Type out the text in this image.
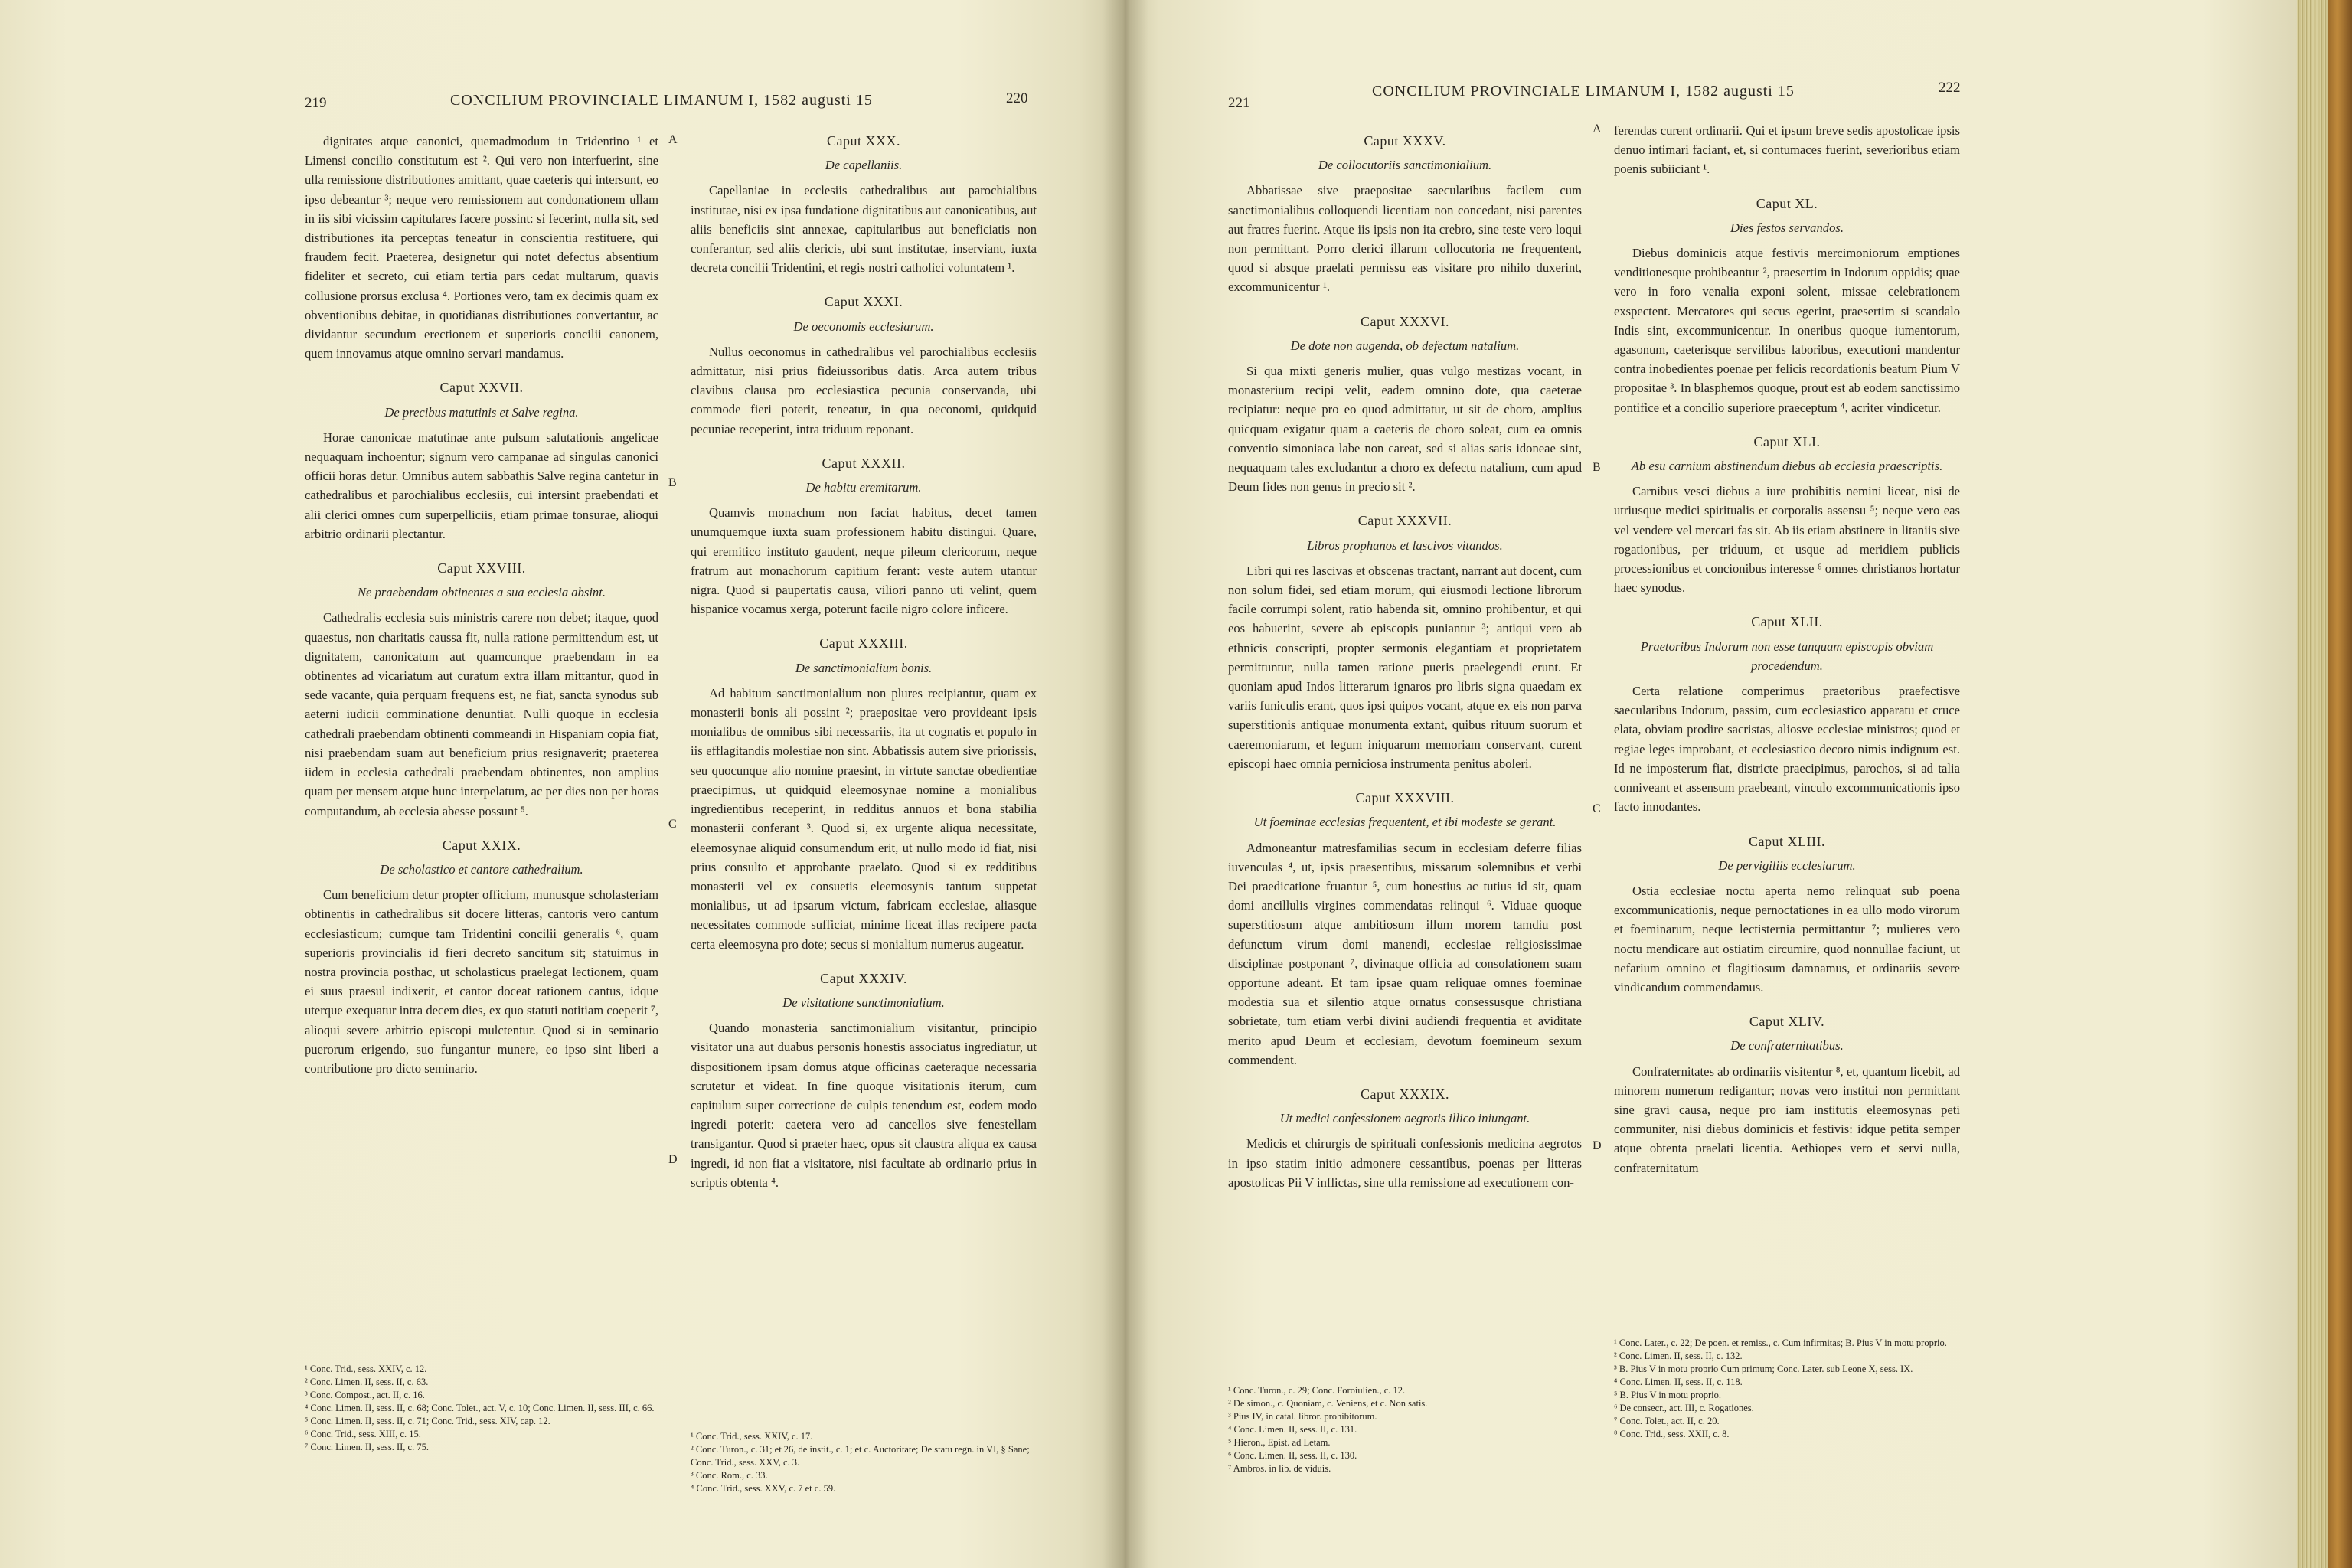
219	CONCILIUM PROVINCIALE LIMANUM I, 1582 augusti 15	220

dignitates atque canonici, quemadmodum in Tridentino ¹ et Limensi concilio constitutum est ². Qui vero non interfuerint, sine ulla remissione distributiones amittant, quae caeteris qui intersunt, eo ipso debeantur ³; neque vero remissionem aut condonationem ullam in iis sibi vicissim capitulares facere possint: si fecerint, nulla sit, sed distributiones ita perceptas teneatur in conscientia restituere, qui fraudem fecit. Praeterea, designetur qui notet defectus absentium fideliter et secreto, cui etiam tertia pars cedat multarum, quavis collusione prorsus exclusa ⁴. Portiones vero, tam ex decimis quam ex obventionibus debitae, in quotidianas distributiones convertantur, ac dividantur secundum erectionem et superioris concilii canonem, quem innovamus atque omnino servari mandamus.

Caput XXVII.
De precibus matutinis et Salve regina.

Horae canonicae matutinae ante pulsum salutationis angelicae nequaquam inchoentur; signum vero campanae ad singulas canonici officii horas detur. Omnibus autem sabbathis Salve regina cantetur in cathedralibus et parochialibus ecclesiis, cui intersint praebendati et alii clerici omnes cum superpelliciis, etiam primae tonsurae, alioqui arbitrio ordinarii plectantur.

Caput XXVIII.
Ne praebendam obtinentes a sua ecclesia absint.

Cathedralis ecclesia suis ministris carere non debet; itaque, quod quaestus, non charitatis caussa fit, nulla ratione permittendum est, ut dignitatem, canonicatum aut quamcunque praebendam in ea obtinentes ad vicariatum aut curatum extra illam mittantur, quod in sede vacante, quia perquam frequens est, ne fiat, sancta synodus sub aeterni iudicii comminatione denuntiat. Nulli quoque in ecclesia cathedrali praebendam obtinenti commeandi in Hispaniam copia fiat, nisi praebendam suam aut beneficium prius resignaverit; praeterea iidem in ecclesia cathedrali praebendam obtinentes, non amplius quam per mensem atque hunc interpelatum, ac per dies non per horas computandum, ab ecclesia abesse possunt ⁵.

Caput XXIX.
De scholastico et cantore cathedralium.

Cum beneficium detur propter officium, munusque scholasteriam obtinentis in cathedralibus sit docere litteras, cantoris vero cantum ecclesiasticum; cumque tam Tridentini concilii generalis ⁶, quam superioris provincialis id fieri decreto sancitum sit; statuimus in nostra provincia posthac, ut scholasticus praelegat lectionem, quam ei suus praesul indixerit, et cantor doceat rationem cantus, idque uterque exequatur intra decem dies, ex quo statuti notitiam coeperit ⁷, alioqui severe arbitrio episcopi mulctentur. Quod si in seminario puerorum erigendo, suo fungantur munere, eo ipso sint liberi a contributione pro dicto seminario.

Caput XXX.
De capellaniis.

Capellaniae in ecclesiis cathedralibus aut parochialibus institutae, nisi ex ipsa fundatione dignitatibus aut canonicatibus, aut aliis beneficiis sint annexae, capitularibus aut beneficiatis non conferantur, sed aliis clericis, ubi sunt institutae, inserviant, iuxta decreta concilii Tridentini, et regis nostri catholici voluntatem ¹.

Caput XXXI.
De oeconomis ecclesiarum.

Nullus oeconomus in cathedralibus vel parochialibus ecclesiis admittatur, nisi prius fideiussoribus datis. Arca autem tribus clavibus clausa pro ecclesiastica pecunia conservanda, ubi commode fieri poterit, teneatur, in qua oeconomi, quidquid pecuniae receperint, intra triduum reponant.

Caput XXXII.
De habitu eremitarum.

Quamvis monachum non faciat habitus, decet tamen unumquemque iuxta suam professionem habitu distingui. Quare, qui eremitico instituto gaudent, neque pileum clericorum, neque fratrum aut monachorum capitium ferant: veste autem utantur nigra. Quod si paupertatis causa, viliori panno uti velint, quem hispanice vocamus xerga, poterunt facile nigro colore inficere.

Caput XXXIII.
De sanctimonialium bonis.

Ad habitum sanctimonialium non plures recipiantur, quam ex monasterii bonis ali possint ²; praepositae vero provideant ipsis monialibus de omnibus sibi necessariis, ita ut cognatis et populo in iis efflagitandis molestiae non sint. Abbatissis autem sive priorissis, seu quocunque alio nomine praesint, in virtute sanctae obedientiae praecipimus, ut quidquid eleemosynae nomine a monialibus ingredientibus receperint, in redditus annuos et bona stabilia monasterii conferant ³. Quod si, ex urgente aliqua necessitate, eleemosynae aliquid consumendum erit, ut nullo modo id fiat, nisi prius consulto et approbante praelato. Quod si ex redditibus monasterii vel ex consuetis eleemosynis tantum suppetat monialibus, ut ad ipsarum victum, fabricam ecclesiae, aliasque necessitates commode sufficiat, minime liceat illas recipere pacta certa eleemosyna pro dote; secus si monialium numerus augeatur.

Caput XXXIV.
De visitatione sanctimonialium.

Quando monasteria sanctimonialium visitantur, principio visitator una aut duabus personis honestis associatus ingrediatur, ut dispositionem ipsam domus atque officinas caeteraque necessaria scrutetur et videat. In fine quoque visitationis iterum, cum capitulum super correctione de culpis tenendum est, eodem modo ingredi poterit: caetera vero ad cancellos sive fenestellam transigantur. Quod si praeter haec, opus sit claustra aliqua ex causa ingredi, id non fiat a visitatore, nisi facultate ab ordinario prius in scriptis obtenta ⁴.

¹ Conc. Trid., sess. XXIV, c. 12.
² Conc. Limen. II, sess. II, c. 63.
³ Conc. Compost., act. II, c. 16.
⁴ Conc. Limen. II, sess. II, c. 68; Conc. Tolet., act. V, c. 10; Conc. Limen. II, sess. III, c. 66.
⁵ Conc. Limen. II, sess. II, c. 71; Conc. Trid., sess. XIV, cap. 12.
⁶ Conc. Trid., sess. XIII, c. 15.
⁷ Conc. Limen. II, sess. II, c. 75.
¹ Conc. Trid., sess. XXIV, c. 17.
² Conc. Turon., c. 31; et 26, de instit., c. 1; et c. Auctoritate; De statu regn. in VI, § Sane; Conc. Trid., sess. XXV, c. 3.
³ Conc. Rom., c. 33.
⁴ Conc. Trid., sess. XXV, c. 7 et c. 59.
A
B
C
D
221
CONCILIUM PROVINCIALE LIMANUM I, 1582 augusti 15	222
Caput XXXV.
De collocutoriis sanctimonialium.

Abbatissae sive praepositae saecularibus facilem cum sanctimonialibus colloquendi licentiam non concedant, nisi parentes aut fratres fuerint. Atque iis ipsis non ita crebro, sine teste vero loqui non permittant. Porro clerici illarum collocutoria ne frequentent, quod si absque praelati permissu eas visitare pro nihilo duxerint, excommunicentur ¹.

Caput XXXVI.
De dote non augenda, ob defectum natalium.

Si qua mixti generis mulier, quas vulgo mestizas vocant, in monasterium recipi velit, eadem omnino dote, qua caeterae recipiatur: neque pro eo quod admittatur, ut sit de choro, amplius quicquam exigatur quam a caeteris de choro soleat, cum ea omnis conventio simoniaca labe non careat, sed si alias satis idoneae sint, nequaquam tales excludantur a choro ex defectu natalium, cum apud Deum fides non genus in precio sit ².

Caput XXXVII.
Libros prophanos et lascivos vitandos.

Libri qui res lascivas et obscenas tractant, narrant aut docent, cum non solum fidei, sed etiam morum, qui eiusmodi lectione librorum facile corrumpi solent, ratio habenda sit, omnino prohibentur, et qui eos habuerint, severe ab episcopis puniantur ³; antiqui vero ab ethnicis conscripti, propter sermonis elegantiam et proprietatem permittuntur, nulla tamen ratione pueris praelegendi erunt. Et quoniam apud Indos litterarum ignaros pro libris signa quaedam ex variis funiculis erant, quos ipsi quipos vocant, atque ex eis non parva superstitionis antiquae monumenta extant, quibus rituum suorum et caeremoniarum, et legum iniquarum memoriam conservant, curent episcopi haec omnia perniciosa instrumenta penitus aboleri.

Caput XXXVIII.
Ut foeminae ecclesias frequentent, et ibi modeste se gerant.

Admoneantur matresfamilias secum in ecclesiam deferre filias iuvenculas ⁴, ut, ipsis praesentibus, missarum solemnibus et verbi Dei praedicatione fruantur ⁵, cum honestius ac tutius id sit, quam domi ancillulis virgines commendatas relinqui ⁶. Viduae quoque superstitiosum atque ambitiosum illum morem tamdiu post defunctum virum domi manendi, ecclesiae religiosissimae disciplinae postponant ⁷, divinaque officia ad consolationem suam opportune adeant. Et tam ipsae quam reliquae omnes foeminae modestia sua et silentio atque ornatus consessusque christiana sobrietate, tum etiam verbi divini audiendi frequentia et aviditate merito apud Deum et ecclesiam, devotum foemineum sexum commendent.

Caput XXXIX.
Ut medici confessionem aegrotis illico iniungant.

Medicis et chirurgis de spirituali confessionis medicina aegrotos in ipso statim initio admonere cessantibus, poenas per litteras apostolicas Pii V inflictas, sine ulla remissione ad executionem con-

ferendas curent ordinarii. Qui et ipsum breve sedis apostolicae ipsis denuo intimari faciant, et, si contumaces fuerint, severioribus etiam poenis subiiciant ¹.

Caput XL.
Dies festos servandos.

Diebus dominicis atque festivis mercimoniorum emptiones venditionesque prohibeantur ², praesertim in Indorum oppidis; quae vero in foro venalia exponi solent, missae celebrationem exspectent. Mercatores qui secus egerint, praesertim si scandalo Indis sint, excommunicentur. In oneribus quoque iumentorum, agasonum, caeterisque servilibus laboribus, executioni mandentur contra inobedientes poenae per felicis recordationis beatum Pium V propositae ³. In blasphemos quoque, prout est ab eodem sanctissimo pontifice et a concilio superiore praeceptum ⁴, acriter vindicetur.

Caput XLI.
Ab esu carnium abstinendum diebus ab ecclesia praescriptis.

Carnibus vesci diebus a iure prohibitis nemini liceat, nisi de utriusque medici spiritualis et corporalis assensu ⁵; neque vero eas vel vendere vel mercari fas sit. Ab iis etiam abstinere in litaniis sive rogationibus, per triduum, et usque ad meridiem publicis processionibus et concionibus interesse ⁶ omnes christianos hortatur haec synodus.

Caput XLII.
Praetoribus Indorum non esse tanquam episcopis obviam procedendum.

Certa relatione comperimus praetoribus praefectisve saecularibus Indorum, passim, cum ecclesiastico apparatu et cruce elata, obviam prodire sacristas, aliosve ecclesiae ministros; quod et regiae leges improbant, et ecclesiastico decoro nimis indignum est. Id ne imposterum fiat, districte praecipimus, parochos, si ad talia conniveant et assensum praebeant, vinculo excommunicationis ipso facto innodantes.

Caput XLIII.
De pervigiliis ecclesiarum.

Ostia ecclesiae noctu aperta nemo relinquat sub poena excommunicationis, neque pernoctationes in ea ullo modo virorum et foeminarum, neque lectisternia permittantur ⁷; mulieres vero noctu mendicare aut ostiatim circumire, quod nonnullae faciunt, ut nefarium omnino et flagitiosum damnamus, et ordinariis severe vindicandum commendamus.

Caput XLIV.
De confraternitatibus.

Confraternitates ab ordinariis visitentur ⁸, et, quantum licebit, ad minorem numerum redigantur; novas vero institui non permittant sine gravi causa, neque pro iam institutis eleemosynas peti communiter, nisi diebus dominicis et festivis: idque petita semper atque obtenta praelati licentia. Aethiopes vero et servi nulla, confraternitatum

¹ Conc. Turon., c. 29; Conc. Foroiulien., c. 12.
² De simon., c. Quoniam, c. Veniens, et c. Non satis.
³ Pius IV, in catal. libror. prohibitorum.
⁴ Conc. Limen. II, sess. II, c. 131.
⁵ Hieron., Epist. ad Letam.
⁶ Conc. Limen. II, sess. II, c. 130.
⁷ Ambros. in lib. de viduis.
¹ Conc. Later., c. 22; De poen. et remiss., c. Cum infirmitas; B. Pius V in motu proprio.
² Conc. Limen. II, sess. II, c. 132.
³ B. Pius V in motu proprio Cum primum; Conc. Later. sub Leone X, sess. IX.
⁴ Conc. Limen. II, sess. II, c. 118.
⁵ B. Pius V in motu proprio.
⁶ De consecr., act. III, c. Rogationes.
⁷ Conc. Tolet., act. II, c. 20.
⁸ Conc. Trid., sess. XXII, c. 8.
A
B
C
D
